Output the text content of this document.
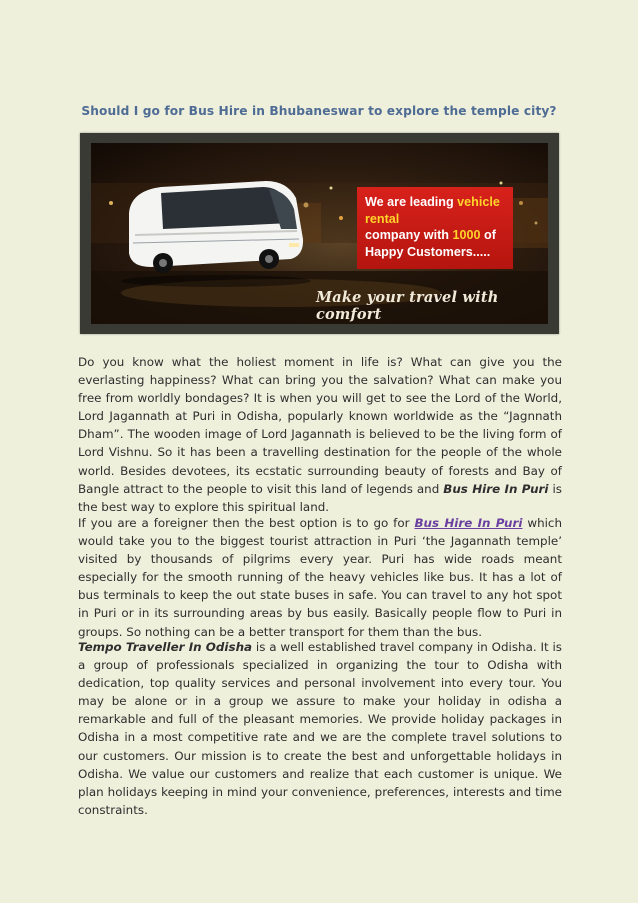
Should I go for Bus Hire in Bhubaneswar to explore the temple city?
We are leading vehicle rental
company with 1000 of
Happy Customers.....
Make your travel with comfort

Do you know what the holiest moment in life is? What can give you the everlasting happiness? What can bring you the salvation? What can make you free from worldly bondages? It is when you will get to see the Lord of the World, Lord Jagannath at Puri in Odisha, popularly known worldwide as the “Jagnnath Dham”. The wooden image of Lord Jagannath is believed to be the living form of Lord Vishnu. So it has been a travelling destination for the people of the whole world. Besides devotees, its ecstatic surrounding beauty of forests and Bay of Bangle attract to the people to visit this land of legends and Bus Hire In Puri is the best way to explore this spiritual land.

If you are a foreigner then the best option is to go for Bus Hire In Puri which would take you to the biggest tourist attraction in Puri ‘the Jagannath temple’ visited by thousands of pilgrims every year. Puri has wide roads meant especially for the smooth running of the heavy vehicles like bus. It has a lot of bus terminals to keep the out state buses in safe. You can travel to any hot spot in Puri or in its surrounding areas by bus easily. Basically people flow to Puri in groups. So nothing can be a better transport for them than the bus.

Tempo Traveller In Odisha is a well established travel company in Odisha. It is a group of professionals specialized in organizing the tour to Odisha with dedication, top quality services and personal involvement into every tour. You may be alone or in a group we assure to make your holiday in odisha a remarkable and full of the pleasant memories. We provide holiday packages in Odisha in a most competitive rate and we are the complete travel solutions to our customers. Our mission is to create the best and unforgettable holidays in Odisha. We value our customers and realize that each customer is unique. We plan holidays keeping in mind your convenience, preferences, interests and time constraints.
